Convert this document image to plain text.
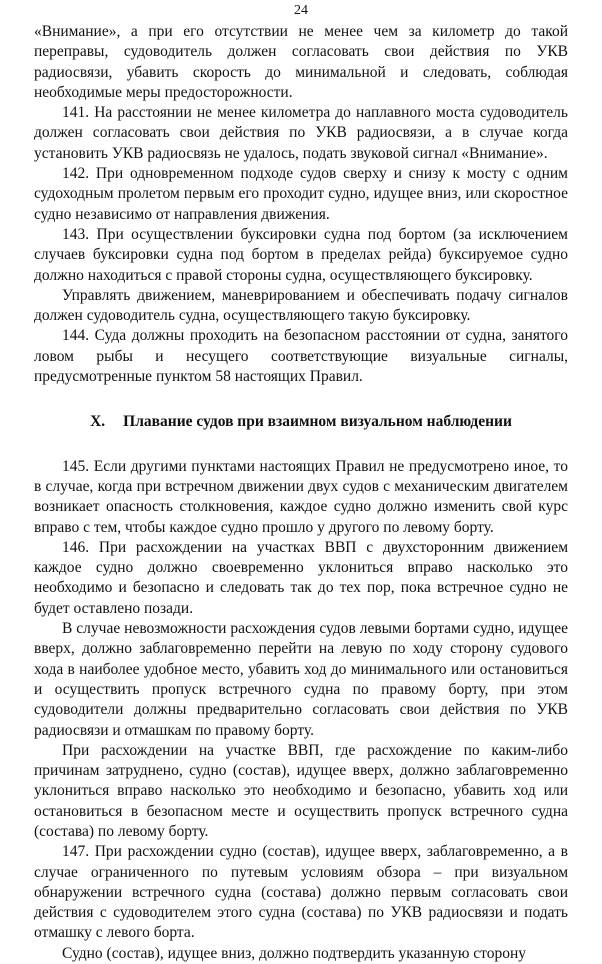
24

«Внимание», а при его отсутствии не менее чем за километр до такой переправы, судоводитель должен согласовать свои действия по УКВ радиосвязи, убавить скорость до минимальной и следовать, соблюдая необходимые меры предосторожности.

141. На расстоянии не менее километра до наплавного моста судоводитель должен согласовать свои действия по УКВ радиосвязи, а в случае когда установить УКВ радиосвязь не удалось, подать звуковой сигнал «Внимание».

142. При одновременном подходе судов сверху и снизу к мосту с одним судоходным пролетом первым его проходит судно, идущее вниз, или скоростное судно независимо от направления движения.

143. При осуществлении буксировки судна под бортом (за исключением случаев буксировки судна под бортом в пределах рейда) буксируемое судно должно находиться с правой стороны судна, осуществляющего буксировку.

Управлять движением, маневрированием и обеспечивать подачу сигналов должен судоводитель судна, осуществляющего такую буксировку.

144. Суда должны проходить на безопасном расстоянии от судна, занятого ловом рыбы и несущего соответствующие визуальные сигналы, предусмотренные пунктом 58 настоящих Правил.

X. Плавание судов при взаимном визуальном наблюдении

145. Если другими пунктами настоящих Правил не предусмотрено иное, то в случае, когда при встречном движении двух судов с механическим двигателем возникает опасность столкновения, каждое судно должно изменить свой курс вправо с тем, чтобы каждое судно прошло у другого по левому борту.

146. При расхождении на участках ВВП с двухсторонним движением каждое судно должно своевременно уклониться вправо насколько это необходимо и безопасно и следовать так до тех пор, пока встречное судно не будет оставлено позади.

В случае невозможности расхождения судов левыми бортами судно, идущее вверх, должно заблаговременно перейти на левую по ходу сторону судового хода в наиболее удобное место, убавить ход до минимального или остановиться и осуществить пропуск встречного судна по правому борту, при этом судоводители должны предварительно согласовать свои действия по УКВ радиосвязи и отмашкам по правому борту.

При расхождении на участке ВВП, где расхождение по каким-либо причинам затруднено, судно (состав), идущее вверх, должно заблаговременно уклониться вправо насколько это необходимо и безопасно, убавить ход или остановиться в безопасном месте и осуществить пропуск встречного судна (состава) по левому борту.

147. При расхождении судно (состав), идущее вверх, заблаговременно, а в случае ограниченного по путевым условиям обзора – при визуальном обнаружении встречного судна (состава) должно первым согласовать свои действия с судоводителем этого судна (состава) по УКВ радиосвязи и подать отмашку с левого борта.

Судно (состав), идущее вниз, должно подтвердить указанную сторону
